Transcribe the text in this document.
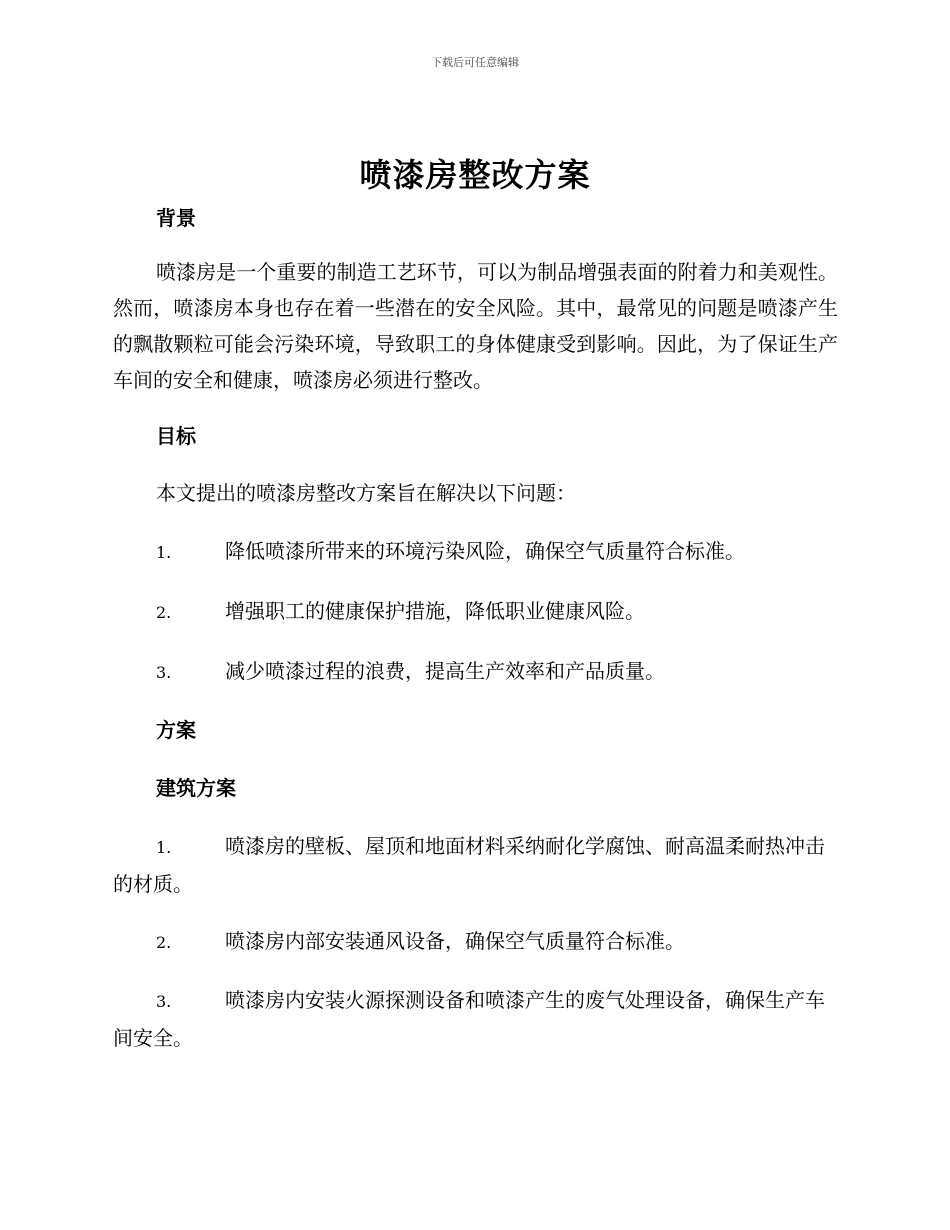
下载后可任意编辑
喷漆房整改方案

背景

喷漆房是一个重要的制造工艺环节，可以为制品增强表面的附着力和美观性。然而，喷漆房本身也存在着一些潜在的安全风险。其中，最常见的问题是喷漆产生的飘散颗粒可能会污染环境，导致职工的身体健康受到影响。因此，为了保证生产车间的安全和健康，喷漆房必须进行整改。

目标

本文提出的喷漆房整改方案旨在解决以下问题：

1.	降低喷漆所带来的环境污染风险，确保空气质量符合标准。

2.	增强职工的健康保护措施，降低职业健康风险。

3.	减少喷漆过程的浪费，提高生产效率和产品质量。

方案

建筑方案

1.	喷漆房的壁板、屋顶和地面材料采纳耐化学腐蚀、耐高温柔耐热冲击的材质。

2.	喷漆房内部安装通风设备，确保空气质量符合标准。

3.	喷漆房内安装火源探测设备和喷漆产生的废气处理设备，确保生产车间安全。
